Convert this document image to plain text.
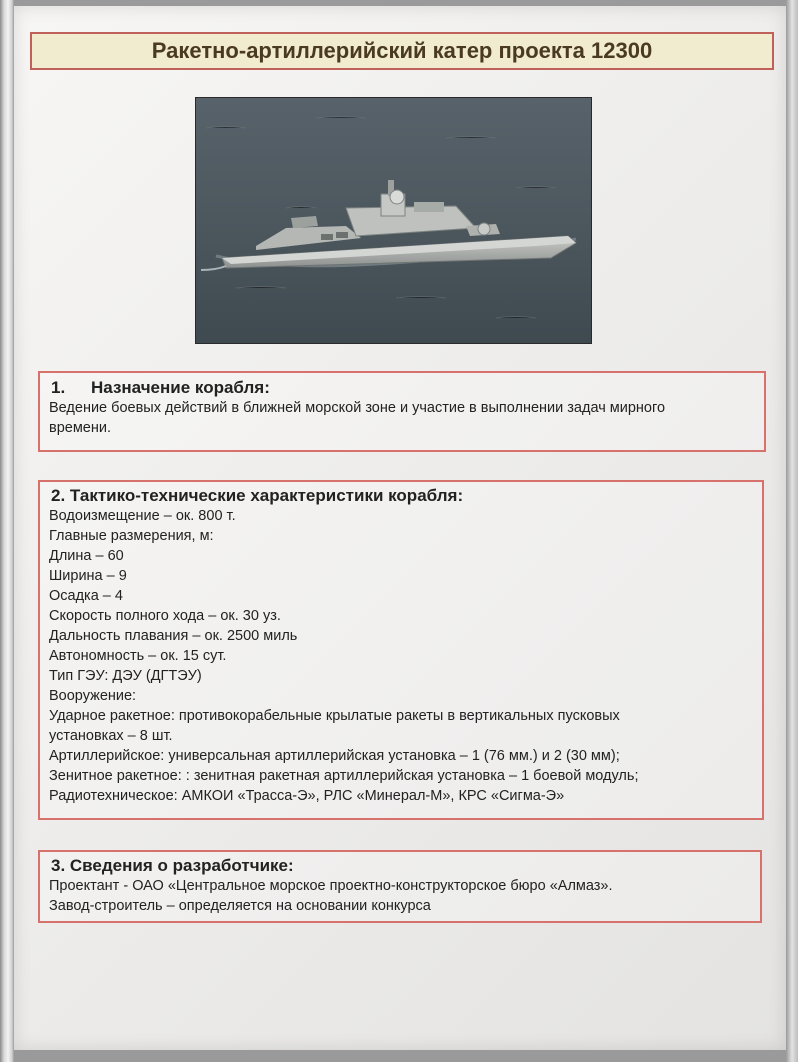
Ракетно-артиллерийский катер проекта 12300
1. Назначение корабля:
Ведение боевых действий в ближней морской зоне и участие в выполнении задач мирного
времени.
2. Тактико-технические характеристики корабля:
Водоизмещение – ок. 800 т.
Главные размерения, м:
Длина – 60
Ширина – 9
Осадка – 4
Скорость полного хода – ок. 30 уз.
Дальность плавания – ок. 2500 миль
Автономность – ок. 15 сут.
Тип ГЭУ: ДЭУ (ДГТЭУ)
Вооружение:
Ударное ракетное: противокорабельные крылатые ракеты в вертикальных пусковых
установках – 8 шт.
Артиллерийское: универсальная артиллерийская установка – 1 (76 мм.) и 2 (30 мм);
Зенитное ракетное: : зенитная ракетная артиллерийская установка – 1 боевой модуль;
Радиотехническое: АМКОИ «Трасса-Э», РЛС «Минерал-М», КРС «Сигма-Э»
3. Сведения о разработчике:
Проектант - ОАО «Центральное морское проектно-конструкторское бюро «Алмаз».
Завод-строитель – определяется на основании конкурса
